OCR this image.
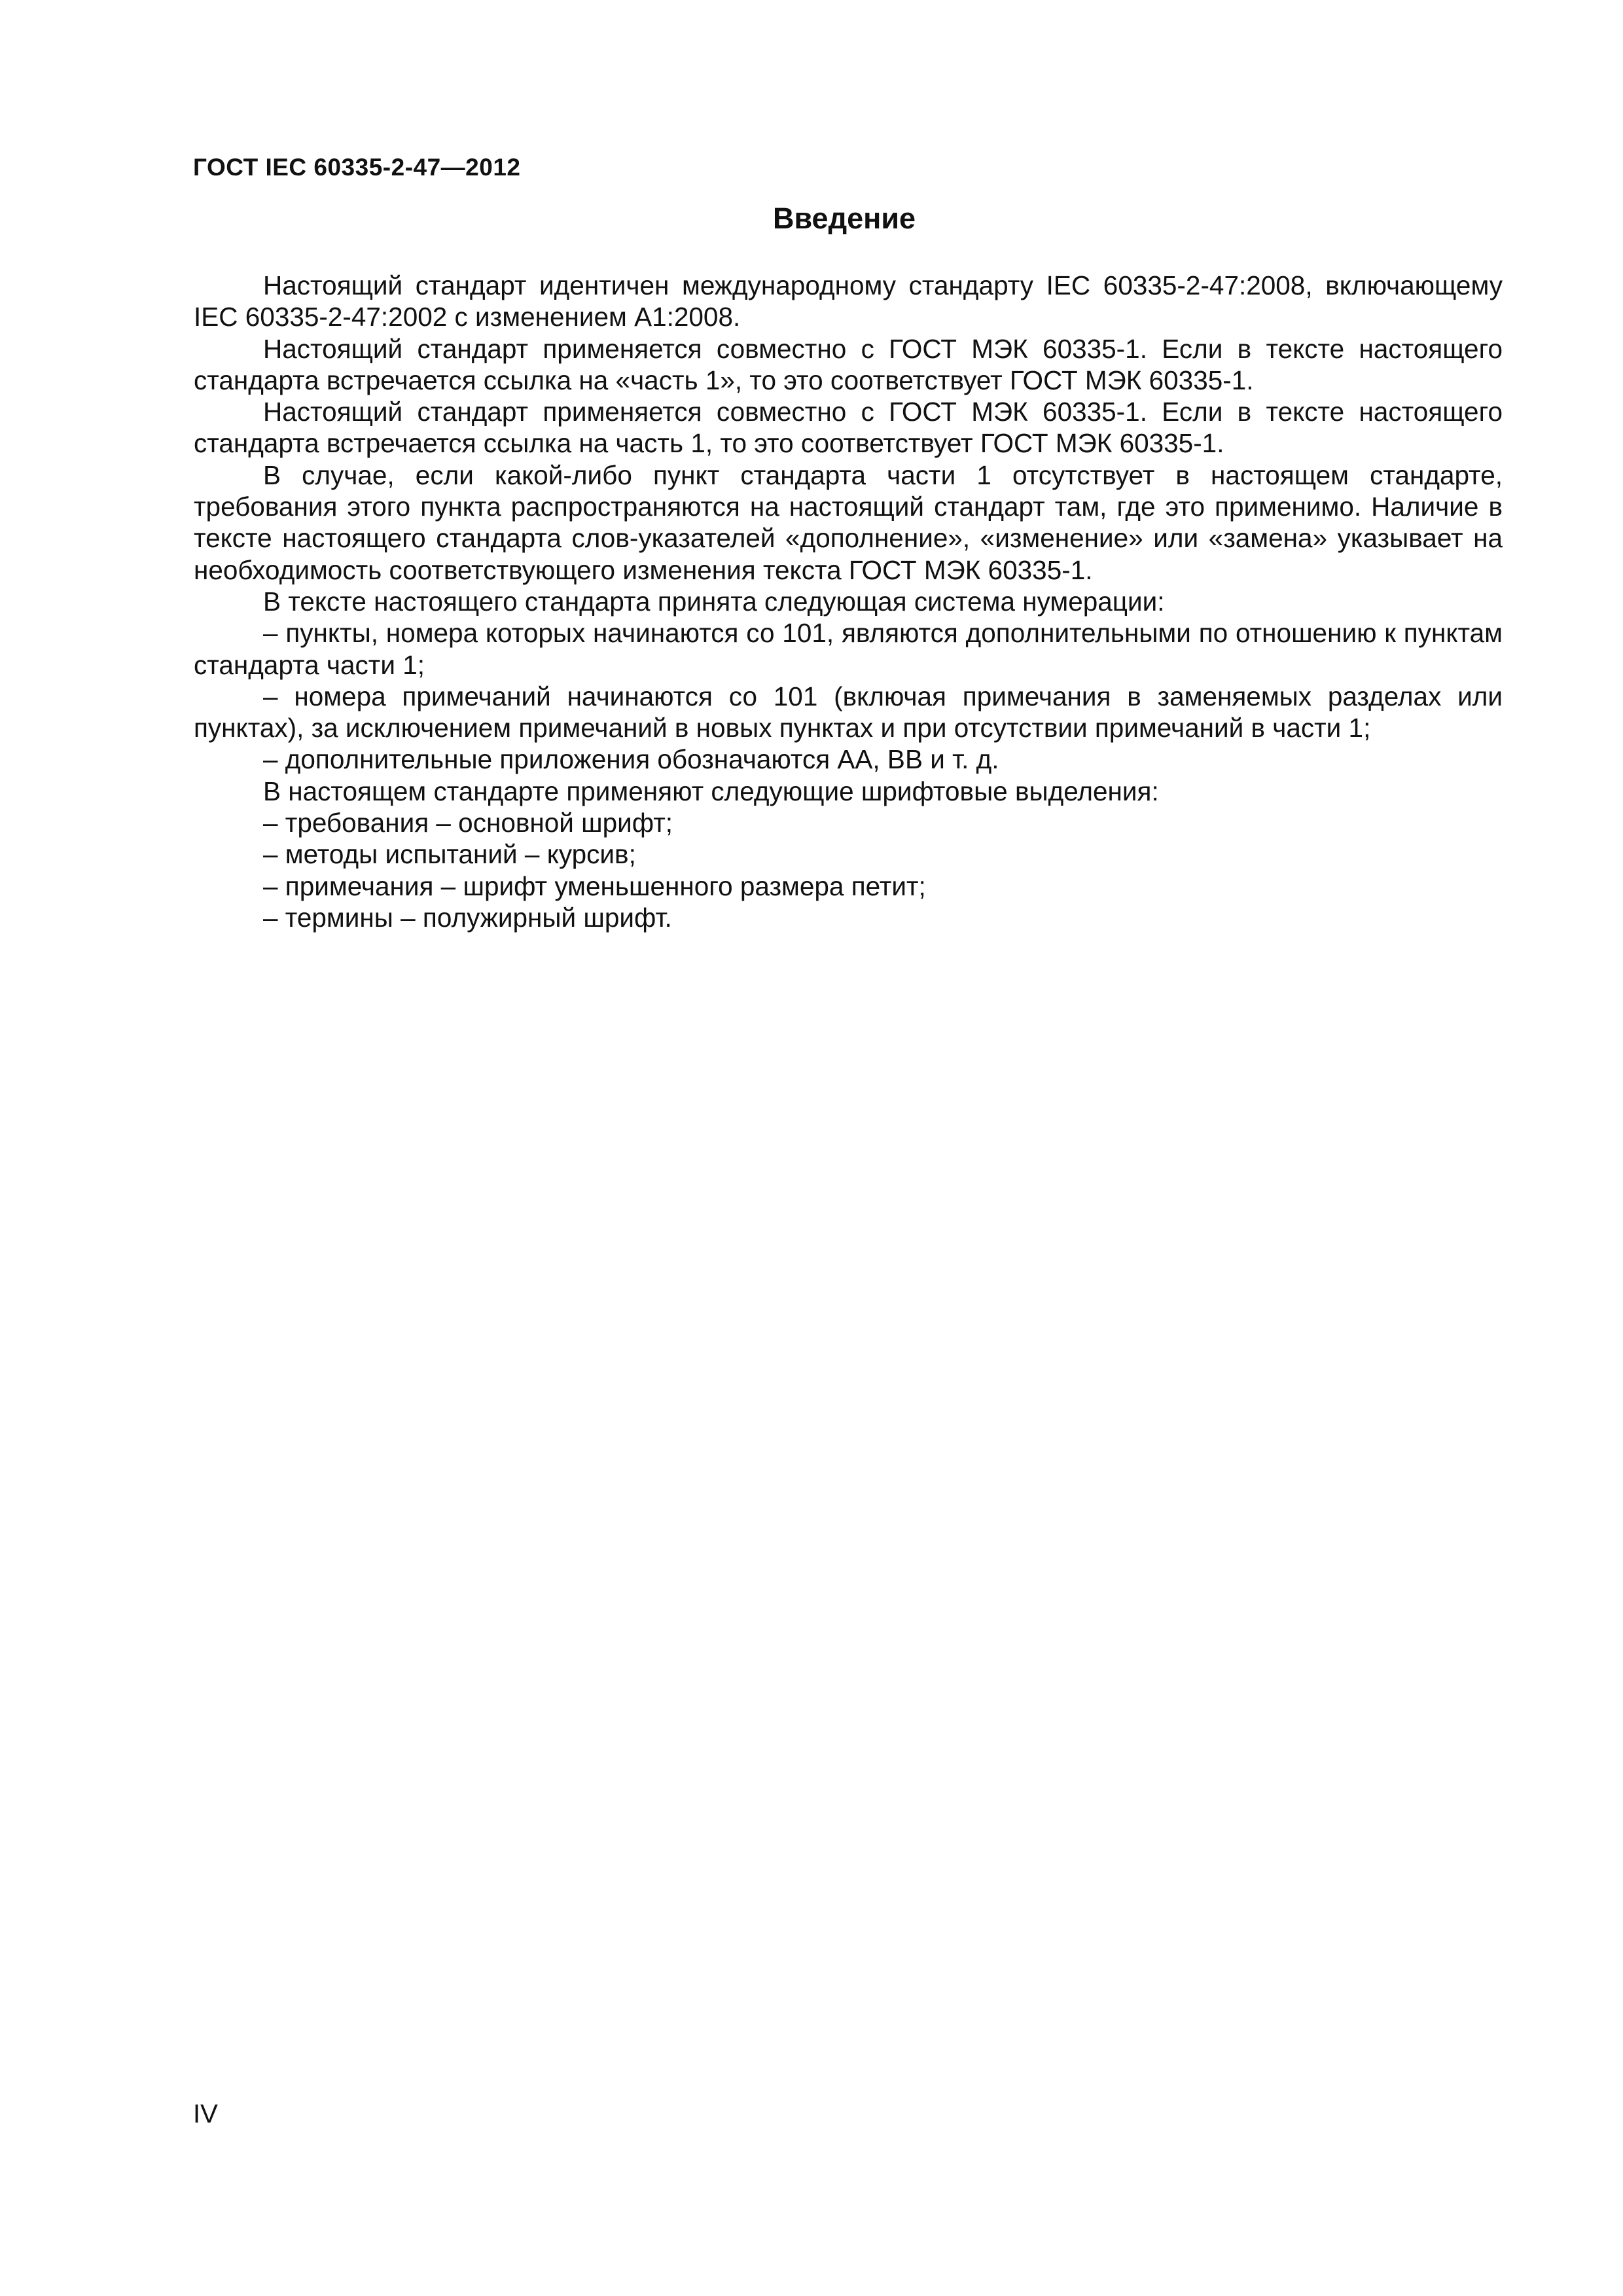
ГОСТ IEC 60335-2-47—2012
Введение

Настоящий стандарт идентичен международному стандарту IEC 60335-2-47:2008, включающему IEC 60335-2-47:2002 с изменением А1:2008.

Настоящий стандарт применяется совместно с ГОСТ МЭК 60335-1. Если в тексте настоящего стандарта встречается ссылка на «часть 1», то это соответствует ГОСТ МЭК 60335-1.

Настоящий стандарт применяется совместно с ГОСТ МЭК 60335-1. Если в тексте настоящего стандарта встречается ссылка на часть 1, то это соответствует ГОСТ МЭК 60335-1.

В случае, если какой-либо пункт стандарта части 1 отсутствует в настоящем стандарте, требования этого пункта распространяются на настоящий стандарт там, где это применимо. Наличие в тексте настоящего стандарта слов-указателей «дополнение», «изменение» или «замена» указывает на необходимость соответствующего изменения текста ГОСТ МЭК 60335-1.

В тексте настоящего стандарта принята следующая система нумерации:

– пункты, номера которых начинаются со 101, являются дополнительными по отношению к пунктам стандарта части 1;

– номера примечаний начинаются со 101 (включая примечания в заменяемых разделах или пунктах), за исключением примечаний в новых пунктах и при отсутствии примечаний в части 1;

– дополнительные приложения обозначаются АА, ВВ и т. д.

В настоящем стандарте применяют следующие шрифтовые выделения:

– требования – основной шрифт;

– методы испытаний – курсив;

– примечания – шрифт уменьшенного размера петит;

– термины – полужирный шрифт.

IV
